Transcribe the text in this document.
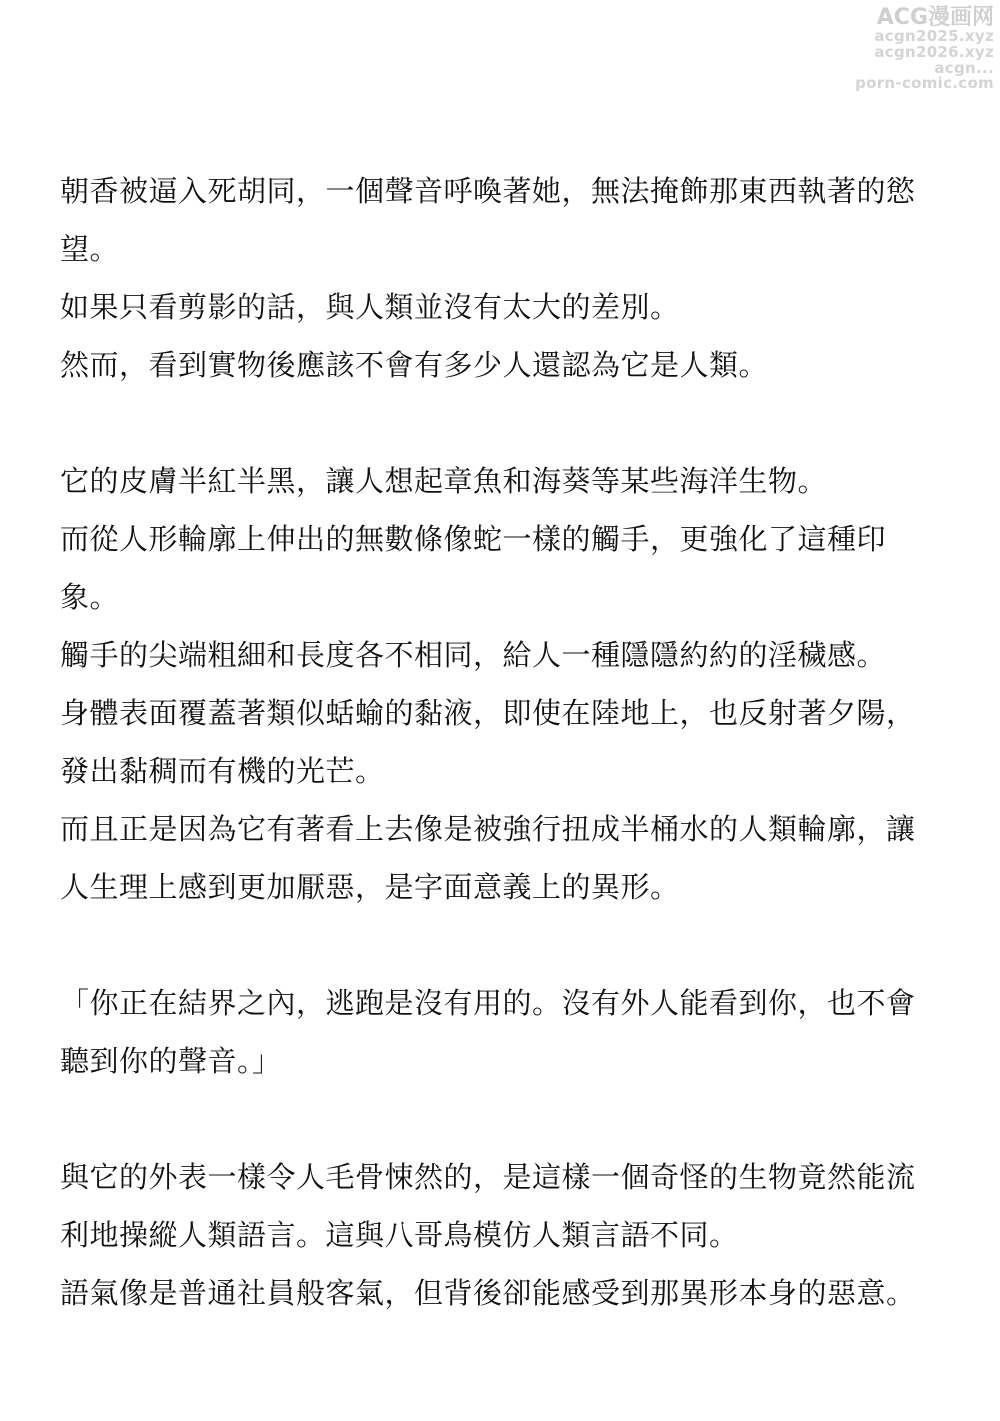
ACG漫画网
acgn2025.xyz
acgn2026.xyz
acgn...
porn-comic.com
朝香被逼入死胡同，一個聲音呼喚著她，無法掩飾那東西執著的慾
望。
如果只看剪影的話，與人類並沒有太大的差別。
然而，看到實物後應該不會有多少人還認為它是人類。
它的皮膚半紅半黑，讓人想起章魚和海葵等某些海洋生物。
而從人形輪廓上伸出的無數條像蛇一樣的觸手，更強化了這種印
象。
觸手的尖端粗細和長度各不相同，給人一種隱隱約約的淫穢感。
身體表面覆蓋著類似蛞蝓的黏液，即使在陸地上，也反射著夕陽，
發出黏稠而有機的光芒。
而且正是因為它有著看上去像是被強行扭成半桶水的人類輪廓，讓
人生理上感到更加厭惡，是字面意義上的異形。
「你正在結界之內，逃跑是沒有用的。沒有外人能看到你，也不會
聽到你的聲音。」
與它的外表一樣令人毛骨悚然的，是這樣一個奇怪的生物竟然能流
利地操縱人類語言。這與八哥鳥模仿人類言語不同。
語氣像是普通社員般客氣，但背後卻能感受到那異形本身的惡意。
